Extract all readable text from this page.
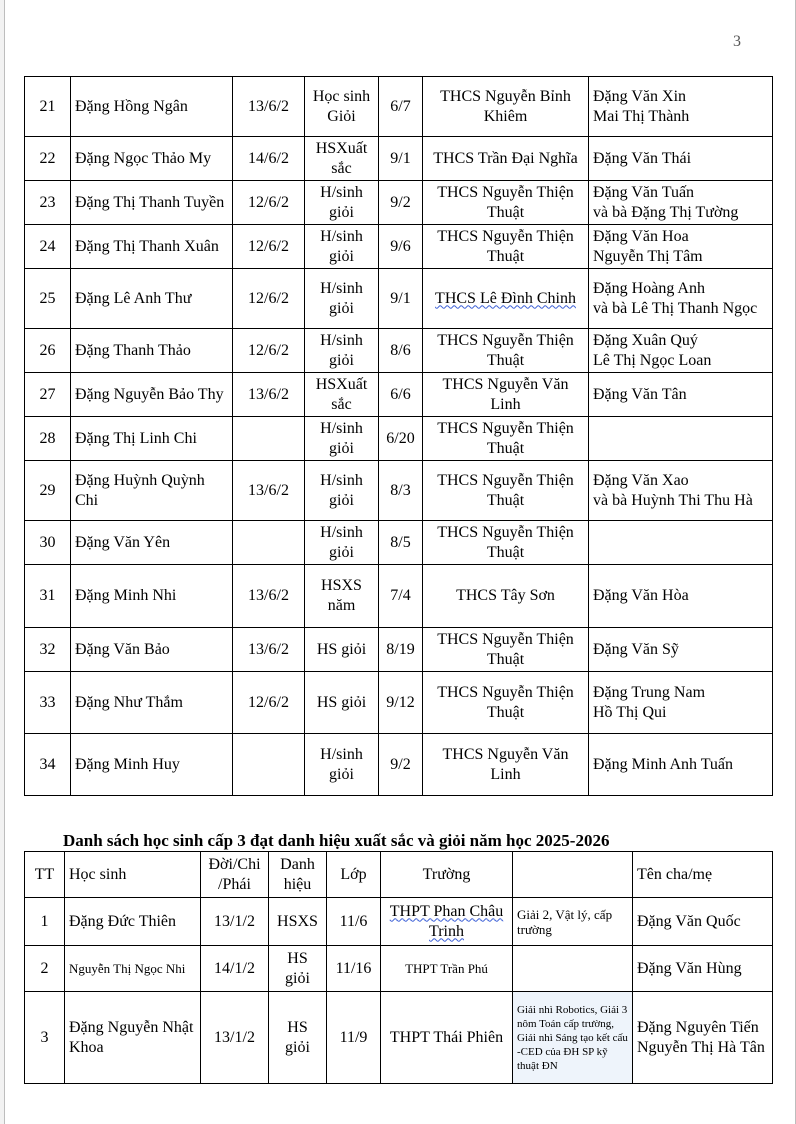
3
21	Đặng Hồng Ngân	13/6/2	Học sinh Giỏi	6/7	THCS Nguyễn Bỉnh Khiêm	Đặng Văn Xin
Mai Thị Thành
22	Đặng Ngọc Thảo My	14/6/2	HSXuất sắc	9/1	THCS Trần Đại Nghĩa	Đặng Văn Thái
23	Đặng Thị Thanh Tuyền	12/6/2	H/sinh giỏi	9/2	THCS Nguyễn Thiện Thuật	Đặng Văn Tuấn
và bà Đặng Thị Tường
24	Đặng Thị Thanh Xuân	12/6/2	H/sinh giỏi	9/6	THCS Nguyễn Thiện Thuật	Đặng Văn Hoa
Nguyễn Thị Tâm
25	Đặng Lê Anh Thư	12/6/2	H/sinh giỏi	9/1	THCS Lê Đình Chinh	Đặng Hoàng Anh
và bà Lê Thị Thanh Ngọc
26	Đặng Thanh Thảo	12/6/2	H/sinh giỏi	8/6	THCS Nguyễn Thiện Thuật	Đặng Xuân Quý
Lê Thị Ngọc Loan
27	Đặng Nguyễn Bảo Thy	13/6/2	HSXuất sắc	6/6	THCS Nguyễn Văn Linh	Đặng Văn Tân
28	Đặng Thị Linh Chi		H/sinh giỏi	6/20	THCS Nguyễn Thiện Thuật	
29	Đặng Huỳnh Quỳnh Chi	13/6/2	H/sinh giỏi	8/3	THCS Nguyễn Thiện Thuật	Đặng Văn Xao
và bà Huỳnh Thi Thu Hà
30	Đặng Văn Yên		H/sinh giỏi	8/5	THCS Nguyễn Thiện Thuật	
31	Đặng Minh Nhi	13/6/2	HSXS năm	7/4	THCS Tây Sơn	Đặng Văn Hòa
32	Đặng Văn Bảo	13/6/2	HS giỏi	8/19	THCS Nguyễn Thiện Thuật	Đặng Văn Sỹ
33	Đặng Như Thắm	12/6/2	HS giỏi	9/12	THCS Nguyễn Thiện Thuật	Đặng Trung Nam
Hồ Thị Qui
34	Đặng Minh Huy		H/sinh giỏi	9/2	THCS Nguyễn Văn Linh	Đặng Minh Anh Tuấn
Danh sách học sinh cấp 3 đạt danh hiệu xuất sắc và giỏi năm học 2025-2026
TT	Học sinh	Đời/Chi /Phái	Danh hiệu	Lớp	Trường		Tên cha/mẹ
1	Đặng Đức Thiên	13/1/2	HSXS	11/6	THPT Phan Châu Trinh	Giải 2, Vật lý, cấp trường	Đặng Văn Quốc
2	Nguyễn Thị Ngọc Nhi	14/1/2	HS giỏi	11/16	THPT Trần Phú		Đặng Văn Hùng
3	Đặng Nguyễn Nhật Khoa	13/1/2	HS giỏi	11/9	THPT Thái Phiên	Giải nhì Robotics, Giải 3 nôm Toán cấp trường, Giải nhì Sáng tạo kết cấu -CED của ĐH SP kỹ thuật ĐN	Đặng Nguyên Tiến
Nguyễn Thị Hà Tân
